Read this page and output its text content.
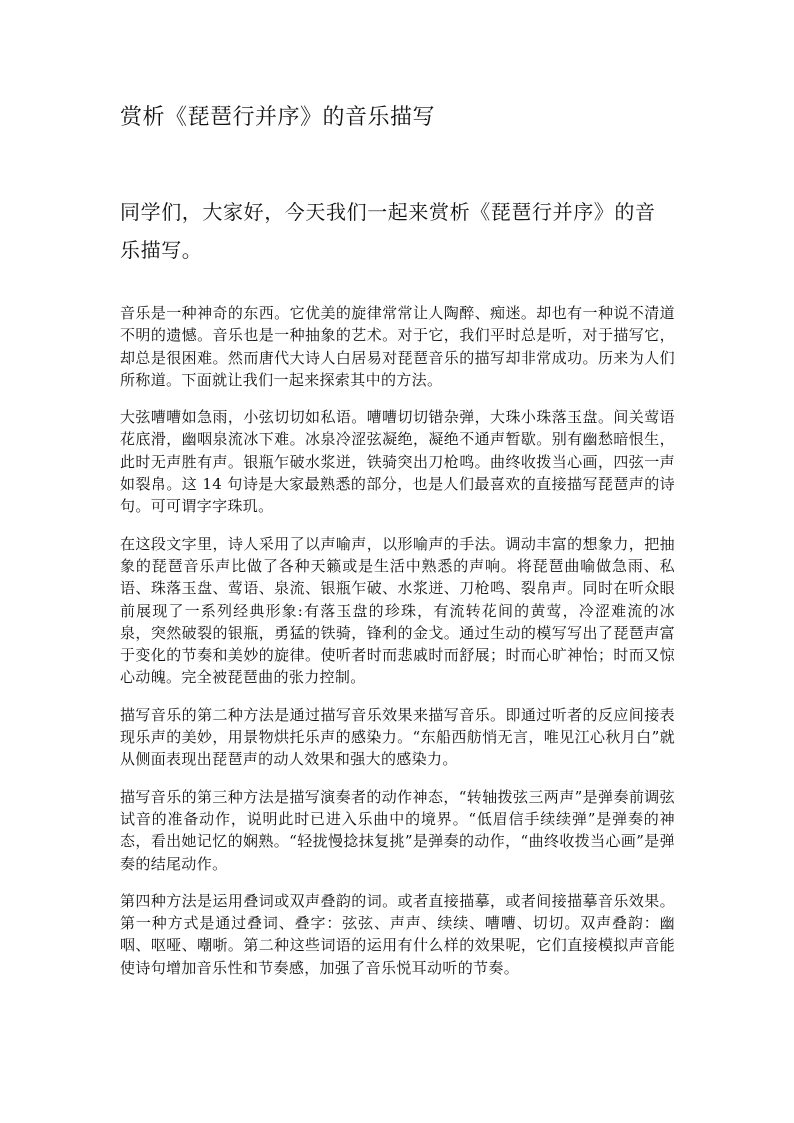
赏析《琵琶行并序》的音乐描写
同学们，大家好，今天我们一起来赏析《琵琶行并序》的音乐描写。

音乐是一种神奇的东西。它优美的旋律常常让人陶醉、痴迷。却也有一种说不清道不明的遗憾。音乐也是一种抽象的艺术。对于它，我们平时总是听，对于描写它，却总是很困难。然而唐代大诗人白居易对琵琶音乐的描写却非常成功。历来为人们所称道。下面就让我们一起来探索其中的方法。

大弦嘈嘈如急雨，小弦切切如私语。嘈嘈切切错杂弹，大珠小珠落玉盘。间关莺语花底滑，幽咽泉流冰下难。冰泉冷涩弦凝绝，凝绝不通声暂歇。别有幽愁暗恨生，此时无声胜有声。银瓶乍破水浆迸，铁骑突出刀枪鸣。曲终收拨当心画，四弦一声如裂帛。这 14 句诗是大家最熟悉的部分，也是人们最喜欢的直接描写琵琶声的诗句。可可谓字字珠玑。

在这段文字里，诗人采用了以声喻声，以形喻声的手法。调动丰富的想象力，把抽象的琵琶音乐声比做了各种天籁或是生活中熟悉的声响。将琵琶曲喻做急雨、私语、珠落玉盘、莺语、泉流、银瓶乍破、水浆迸、刀枪鸣、裂帛声。同时在听众眼前展现了一系列经典形象:有落玉盘的珍珠，有流转花间的黄莺，冷涩难流的冰泉，突然破裂的银瓶，勇猛的铁骑，锋利的金戈。通过生动的模写写出了琵琶声富于变化的节奏和美妙的旋律。使听者时而悲戚时而舒展；时而心旷神怡；时而又惊心动魄。完全被琵琶曲的张力控制。

描写音乐的第二种方法是通过描写音乐效果来描写音乐。即通过听者的反应间接表现乐声的美妙，用景物烘托乐声的感染力。“东船西舫悄无言，唯见江心秋月白”就从侧面表现出琵琶声的动人效果和强大的感染力。

描写音乐的第三种方法是描写演奏者的动作神态，“转轴拨弦三两声”是弹奏前调弦试音的准备动作，说明此时已进入乐曲中的境界。“低眉信手续续弹”是弹奏的神态，看出她记忆的娴熟。“轻拢慢捻抹复挑”是弹奏的动作，“曲终收拨当心画”是弹奏的结尾动作。

第四种方法是运用叠词或双声叠韵的词。或者直接描摹，或者间接描摹音乐效果。第一种方式是通过叠词、叠字：弦弦、声声、续续、嘈嘈、切切。双声叠韵：幽咽、呕哑、嘲哳。第二种这些词语的运用有什么样的效果呢，它们直接模拟声音能使诗句增加音乐性和节奏感，加强了音乐悦耳动听的节奏。
